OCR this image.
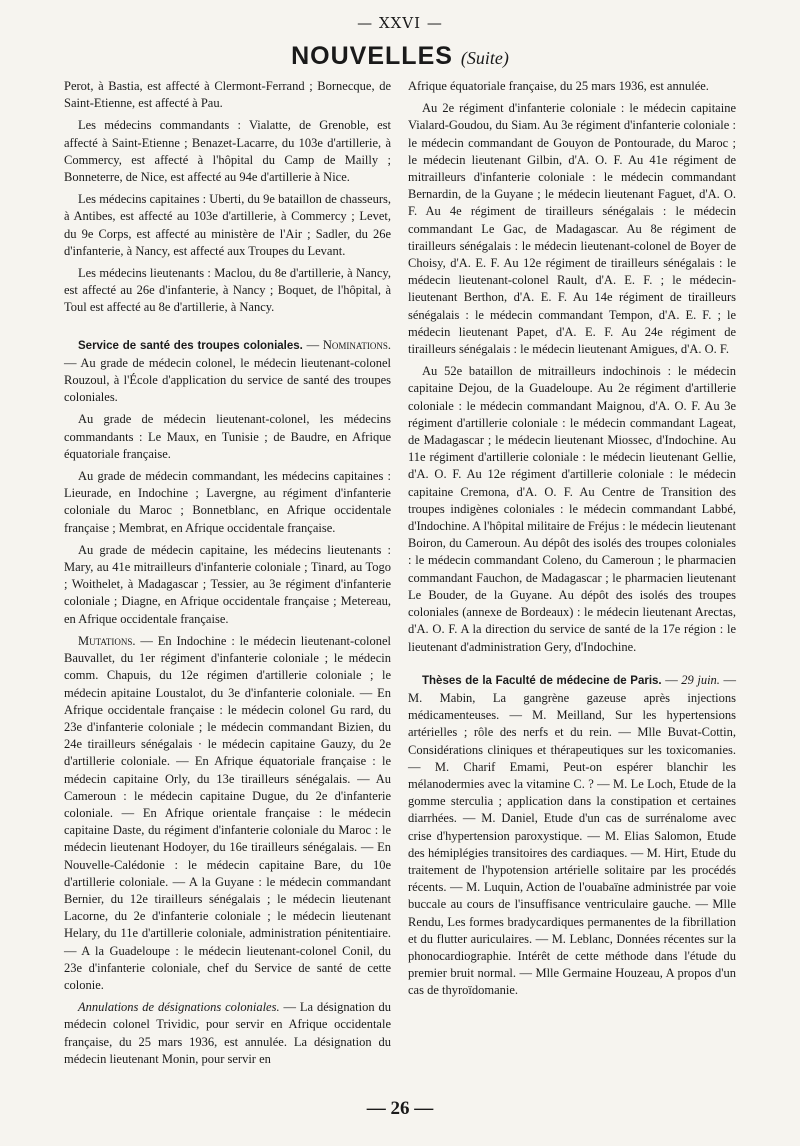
— XXVI —
NOUVELLES (Suite)

Perot, à Bastia, est affecté à Clermont-Ferrand ; Bornecque, de Saint-Etienne, est affecté à Pau.

Les médecins commandants : Vialatte, de Grenoble, est affecté à Saint-Etienne ; Benazet-Lacarre, du 103e d'artillerie, à Commercy, est affecté à l'hôpital du Camp de Mailly ; Bonneterre, de Nice, est affecté au 94e d'artillerie à Nice.

Les médecins capitaines : Uberti, du 9e bataillon de chasseurs, à Antibes, est affecté au 103e d'artillerie, à Commercy ; Levet, du 9e Corps, est affecté au ministère de l'Air ; Sadler, du 26e d'infanterie, à Nancy, est affecté aux Troupes du Levant.

Les médecins lieutenants : Maclou, du 8e d'artillerie, à Nancy, est affecté au 26e d'infanterie, à Nancy ; Boquet, de l'hôpital, à Toul est affecté au 8e d'artillerie, à Nancy.

Service de santé des troupes coloniales. — Nominations. — Au grade de médecin colonel, le médecin lieutenant-colonel Rouzoul, à l'École d'application du service de santé des troupes coloniales.

Au grade de médecin lieutenant-colonel, les médecins commandants : Le Maux, en Tunisie ; de Baudre, en Afrique équatoriale française.

Au grade de médecin commandant, les médecins capitaines : Lieurade, en Indochine ; Lavergne, au régiment d'infanterie coloniale du Maroc ; Bonnetblanc, en Afrique occidentale française ; Membrat, en Afrique occidentale française.

Au grade de médecin capitaine, les médecins lieutenants : Mary, au 41e mitrailleurs d'infanterie coloniale ; Tinard, au Togo ; Woithelet, à Madagascar ; Tessier, au 3e régiment d'infanterie coloniale ; Diagne, en Afrique occidentale française ; Metereau, en Afrique occidentale française.

Mutations. — En Indochine : le médecin lieutenant-colonel Bauvallet, du 1er régiment d'infanterie coloniale ; le médecin comm. Chapuis, du 12e régimen d'artillerie coloniale ; le médecin apitaine Loustalot, du 3e d'infanterie coloniale. — En Afrique occidentale française : le médecin colonel Gu rard, du 23e d'infanterie coloniale ; le médecin commandant Bizien, du 24e tirailleurs sénégalais · le médecin capitaine Gauzy, du 2e d'artillerie coloniale. — En Afrique équatoriale française : le médecin capitaine Orly, du 13e tirailleurs sénégalais. — Au Cameroun : le médecin capitaine Dugue, du 2e d'infanterie coloniale. — En Afrique orientale française : le médecin capitaine Daste, du régiment d'infanterie coloniale du Maroc : le médecin lieutenant Hodoyer, du 16e tirailleurs sénégalais. — En Nouvelle-Calédonie : le médecin capitaine Bare, du 10e d'artillerie coloniale. — A la Guyane : le médecin commandant Bernier, du 12e tirailleurs sénégalais ; le médecin lieutenant Lacorne, du 2e d'infanterie coloniale ; le médecin lieutenant Helary, du 11e d'artillerie coloniale, administration pénitentiaire. — A la Guadeloupe : le médecin lieutenant-colonel Conil, du 23e d'infanterie coloniale, chef du Service de santé de cette colonie.

Annulations de désignations coloniales. — La désignation du médecin colonel Trividic, pour servir en Afrique occidentale française, du 25 mars 1936, est annulée. La désignation du médecin lieutenant Monin, pour servir en

Afrique équatoriale française, du 25 mars 1936, est annulée.

Au 2e régiment d'infanterie coloniale : le médecin capitaine Vialard-Goudou, du Siam. Au 3e régiment d'infanterie coloniale : le médecin commandant de Gouyon de Pontourade, du Maroc ; le médecin lieutenant Gilbin, d'A. O. F. Au 41e régiment de mitrailleurs d'infanterie coloniale : le médecin commandant Bernardin, de la Guyane ; le médecin lieutenant Faguet, d'A. O. F. Au 4e régiment de tirailleurs sénégalais : le médecin commandant Le Gac, de Madagascar. Au 8e régiment de tirailleurs sénégalais : le médecin lieutenant-colonel de Boyer de Choisy, d'A. E. F. Au 12e régiment de tirailleurs sénégalais : le médecin lieutenant-colonel Rault, d'A. E. F. ; le médecin-lieutenant Berthon, d'A. E. F. Au 14e régiment de tirailleurs sénégalais : le médecin commandant Tempon, d'A. E. F. ; le médecin lieutenant Papet, d'A. E. F. Au 24e régiment de tirailleurs sénégalais : le médecin lieutenant Amigues, d'A. O. F.

Au 52e bataillon de mitrailleurs indochinois : le médecin capitaine Dejou, de la Guadeloupe. Au 2e régiment d'artillerie coloniale : le médecin commandant Maignou, d'A. O. F. Au 3e régiment d'artillerie coloniale : le médecin commandant Lageat, de Madagascar ; le médecin lieutenant Miossec, d'Indochine. Au 11e régiment d'artillerie coloniale : le médecin lieutenant Gellie, d'A. O. F. Au 12e régiment d'artillerie coloniale : le médecin capitaine Cremona, d'A. O. F. Au Centre de Transition des troupes indigènes coloniales : le médecin commandant Labbé, d'Indochine. A l'hôpital militaire de Fréjus : le médecin lieutenant Boiron, du Cameroun. Au dépôt des isolés des troupes coloniales : le médecin commandant Coleno, du Cameroun ; le pharmacien commandant Fauchon, de Madagascar ; le pharmacien lieutenant Le Bouder, de la Guyane. Au dépôt des isolés des troupes coloniales (annexe de Bordeaux) : le médecin lieutenant Arectas, d'A. O. F. A la direction du service de santé de la 17e région : le lieutenant d'administration Gery, d'Indochine.

Thèses de la Faculté de médecine de Paris. — 29 juin. — M. Mabin, La gangrène gazeuse après injections médicamenteuses. — M. Meilland, Sur les hypertensions artérielles ; rôle des nerfs et du rein. — Mlle Buvat-Cottin, Considérations cliniques et thérapeutiques sur les toxicomanies. — M. Charif Emami, Peut-on espérer blanchir les mélanodermies avec la vitamine C. ? — M. Le Loch, Etude de la gomme sterculia ; application dans la constipation et certaines diarrhées. — M. Daniel, Etude d'un cas de surrénalome avec crise d'hypertension paroxystique. — M. Elias Salomon, Etude des hémiplégies transitoires des cardiaques. — M. Hirt, Etude du traitement de l'hypotension artérielle solitaire par les procédés récents. — M. Luquin, Action de l'ouabaïne administrée par voie buccale au cours de l'insuffisance ventriculaire gauche. — Mlle Rendu, Les formes bradycardiques permanentes de la fibrillation et du flutter auriculaires. — M. Leblanc, Données récentes sur la phonocardiographie. Intérêt de cette méthode dans l'étude du premier bruit normal. — Mlle Germaine Houzeau, A propos d'un cas de thyroïdomanie.

— 26 —
